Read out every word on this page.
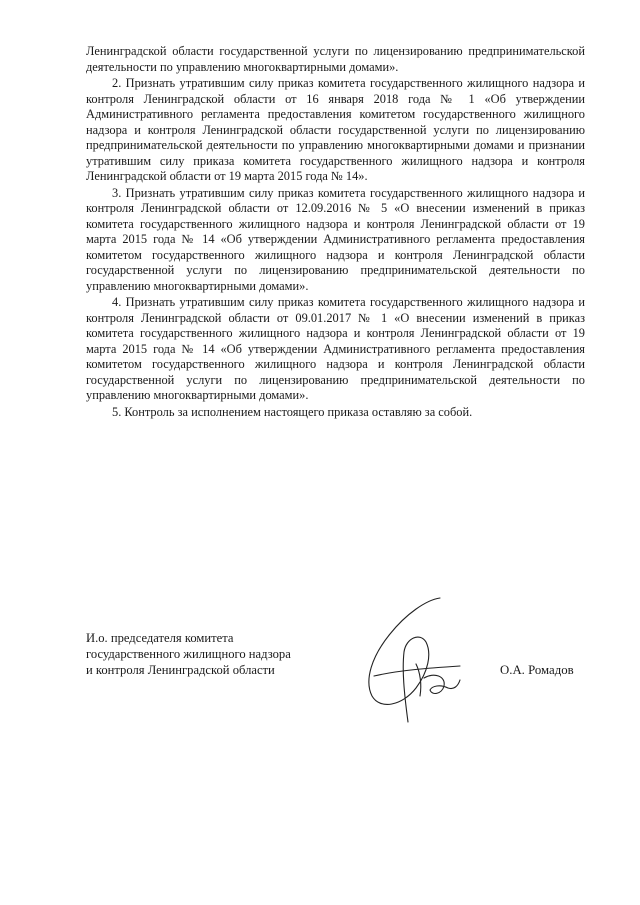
Ленинградской области государственной услуги по лицензированию предпринимательской деятельности по управлению многоквартирными домами».

2. Признать утратившим силу приказ комитета государственного жилищного надзора и контроля Ленинградской области от 16 января 2018 года № 1 «Об утверждении Административного регламента предоставления комитетом государственного жилищного надзора и контроля Ленинградской области государственной услуги по лицензированию предпринимательской деятельности по управлению многоквартирными домами и признании утратившим силу приказа комитета государственного жилищного надзора и контроля Ленинградской области от 19 марта 2015 года № 14».

3. Признать утратившим силу приказ комитета государственного жилищного надзора и контроля Ленинградской области от 12.09.2016 № 5 «О внесении изменений в приказ комитета государственного жилищного надзора и контроля Ленинградской области от 19 марта 2015 года № 14 «Об утверждении Административного регламента предоставления комитетом государственного жилищного надзора и контроля Ленинградской области государственной услуги по лицензированию предпринимательской деятельности по управлению многоквартирными домами».

4. Признать утратившим силу приказ комитета государственного жилищного надзора и контроля Ленинградской области от 09.01.2017 № 1 «О внесении изменений в приказ комитета государственного жилищного надзора и контроля Ленинградской области от 19 марта 2015 года № 14 «Об утверждении Административного регламента предоставления комитетом государственного жилищного надзора и контроля Ленинградской области государственной услуги по лицензированию предпринимательской деятельности по управлению многоквартирными домами».

5. Контроль за исполнением настоящего приказа оставляю за собой.

И.о. председателя комитета
государственного жилищного надзора
и контроля Ленинградской области	О.А. Ромадов
